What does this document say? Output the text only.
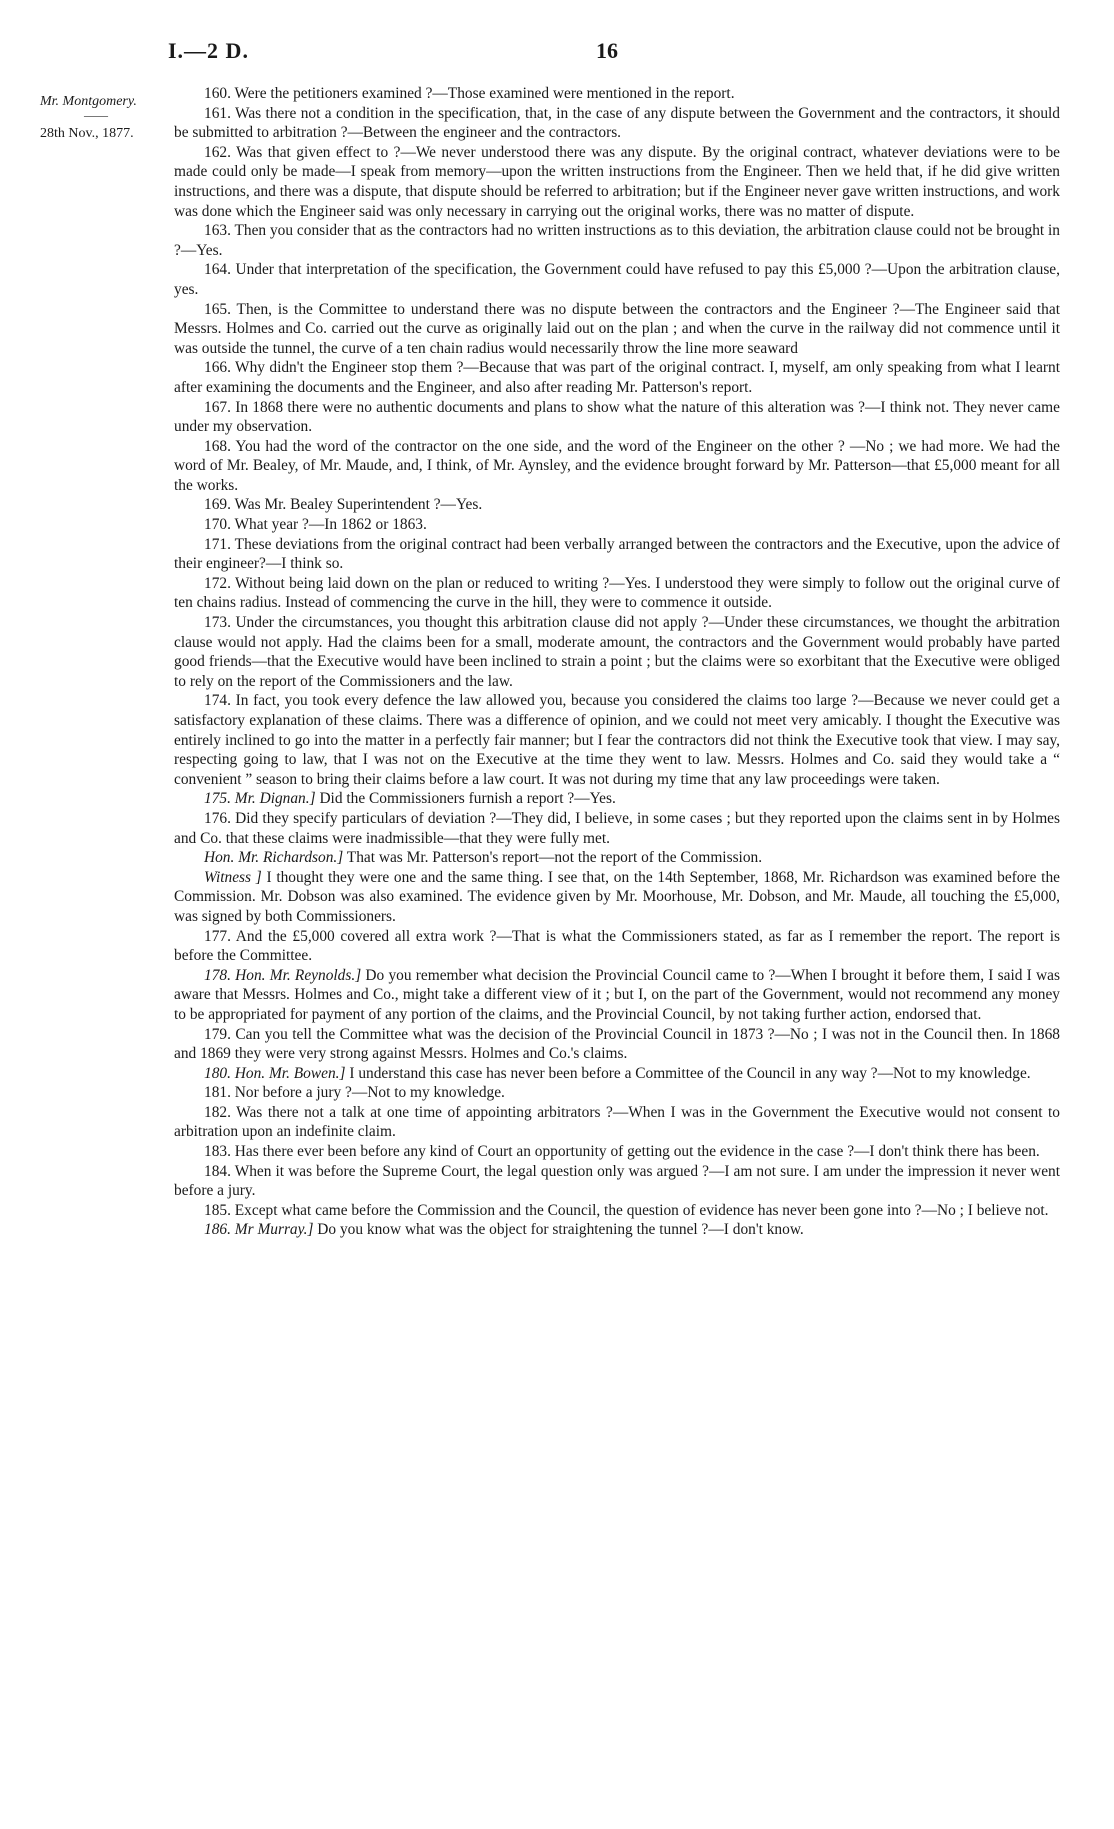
I.—2 D.	16
Mr. Montgomery.
——
28th Nov., 1877.

160. Were the petitioners examined ?—Those examined were mentioned in the report.

161. Was there not a condition in the specification, that, in the case of any dispute between the Government and the contractors, it should be submitted to arbitration ?—Between the engineer and the contractors.

162. Was that given effect to ?—We never understood there was any dispute. By the original contract, whatever deviations were to be made could only be made—I speak from memory—upon the written instructions from the Engineer. Then we held that, if he did give written instructions, and there was a dispute, that dispute should be referred to arbitration; but if the Engineer never gave written instructions, and work was done which the Engineer said was only necessary in carrying out the original works, there was no matter of dispute.

163. Then you consider that as the contractors had no written instructions as to this deviation, the arbitration clause could not be brought in ?—Yes.

164. Under that interpretation of the specification, the Government could have refused to pay this £5,000 ?—Upon the arbitration clause, yes.

165. Then, is the Committee to understand there was no dispute between the contractors and the Engineer ?—The Engineer said that Messrs. Holmes and Co. carried out the curve as originally laid out on the plan ; and when the curve in the railway did not commence until it was outside the tunnel, the curve of a ten chain radius would necessarily throw the line more seaward

166. Why didn't the Engineer stop them ?—Because that was part of the original contract. I, myself, am only speaking from what I learnt after examining the documents and the Engineer, and also after reading Mr. Patterson's report.

167. In 1868 there were no authentic documents and plans to show what the nature of this alteration was ?—I think not. They never came under my observation.

168. You had the word of the contractor on the one side, and the word of the Engineer on the other ? —No ; we had more. We had the word of Mr. Bealey, of Mr. Maude, and, I think, of Mr. Aynsley, and the evidence brought forward by Mr. Patterson—that £5,000 meant for all the works.

169. Was Mr. Bealey Superintendent ?—Yes.

170. What year ?—In 1862 or 1863.

171. These deviations from the original contract had been verbally arranged between the contractors and the Executive, upon the advice of their engineer?—I think so.

172. Without being laid down on the plan or reduced to writing ?—Yes. I understood they were simply to follow out the original curve of ten chains radius. Instead of commencing the curve in the hill, they were to commence it outside.

173. Under the circumstances, you thought this arbitration clause did not apply ?—Under these circumstances, we thought the arbitration clause would not apply. Had the claims been for a small, moderate amount, the contractors and the Government would probably have parted good friends—that the Executive would have been inclined to strain a point ; but the claims were so exorbitant that the Executive were obliged to rely on the report of the Commissioners and the law.

174. In fact, you took every defence the law allowed you, because you considered the claims too large ?—Because we never could get a satisfactory explanation of these claims. There was a difference of opinion, and we could not meet very amicably. I thought the Executive was entirely inclined to go into the matter in a perfectly fair manner; but I fear the contractors did not think the Executive took that view. I may say, respecting going to law, that I was not on the Executive at the time they went to law. Messrs. Holmes and Co. said they would take a “ convenient ” season to bring their claims before a law court. It was not during my time that any law proceedings were taken.

175. Mr. Dignan.] Did the Commissioners furnish a report ?—Yes.

176. Did they specify particulars of deviation ?—They did, I believe, in some cases ; but they reported upon the claims sent in by Holmes and Co. that these claims were inadmissible—that they were fully met.

Hon. Mr. Richardson.] That was Mr. Patterson's report—not the report of the Commission.

Witness ] I thought they were one and the same thing. I see that, on the 14th September, 1868, Mr. Richardson was examined before the Commission. Mr. Dobson was also examined. The evidence given by Mr. Moorhouse, Mr. Dobson, and Mr. Maude, all touching the £5,000, was signed by both Commissioners.

177. And the £5,000 covered all extra work ?—That is what the Commissioners stated, as far as I remember the report. The report is before the Committee.

178. Hon. Mr. Reynolds.] Do you remember what decision the Provincial Council came to ?—When I brought it before them, I said I was aware that Messrs. Holmes and Co., might take a different view of it ; but I, on the part of the Government, would not recommend any money to be appropriated for payment of any portion of the claims, and the Provincial Council, by not taking further action, endorsed that.

179. Can you tell the Committee what was the decision of the Provincial Council in 1873 ?—No ; I was not in the Council then. In 1868 and 1869 they were very strong against Messrs. Holmes and Co.'s claims.

180. Hon. Mr. Bowen.] I understand this case has never been before a Committee of the Council in any way ?—Not to my knowledge.

181. Nor before a jury ?—Not to my knowledge.

182. Was there not a talk at one time of appointing arbitrators ?—When I was in the Government the Executive would not consent to arbitration upon an indefinite claim.

183. Has there ever been before any kind of Court an opportunity of getting out the evidence in the case ?—I don't think there has been.

184. When it was before the Supreme Court, the legal question only was argued ?—I am not sure. I am under the impression it never went before a jury.

185. Except what came before the Commission and the Council, the question of evidence has never been gone into ?—No ; I believe not.

186. Mr Murray.] Do you know what was the object for straightening the tunnel ?—I don't know.
